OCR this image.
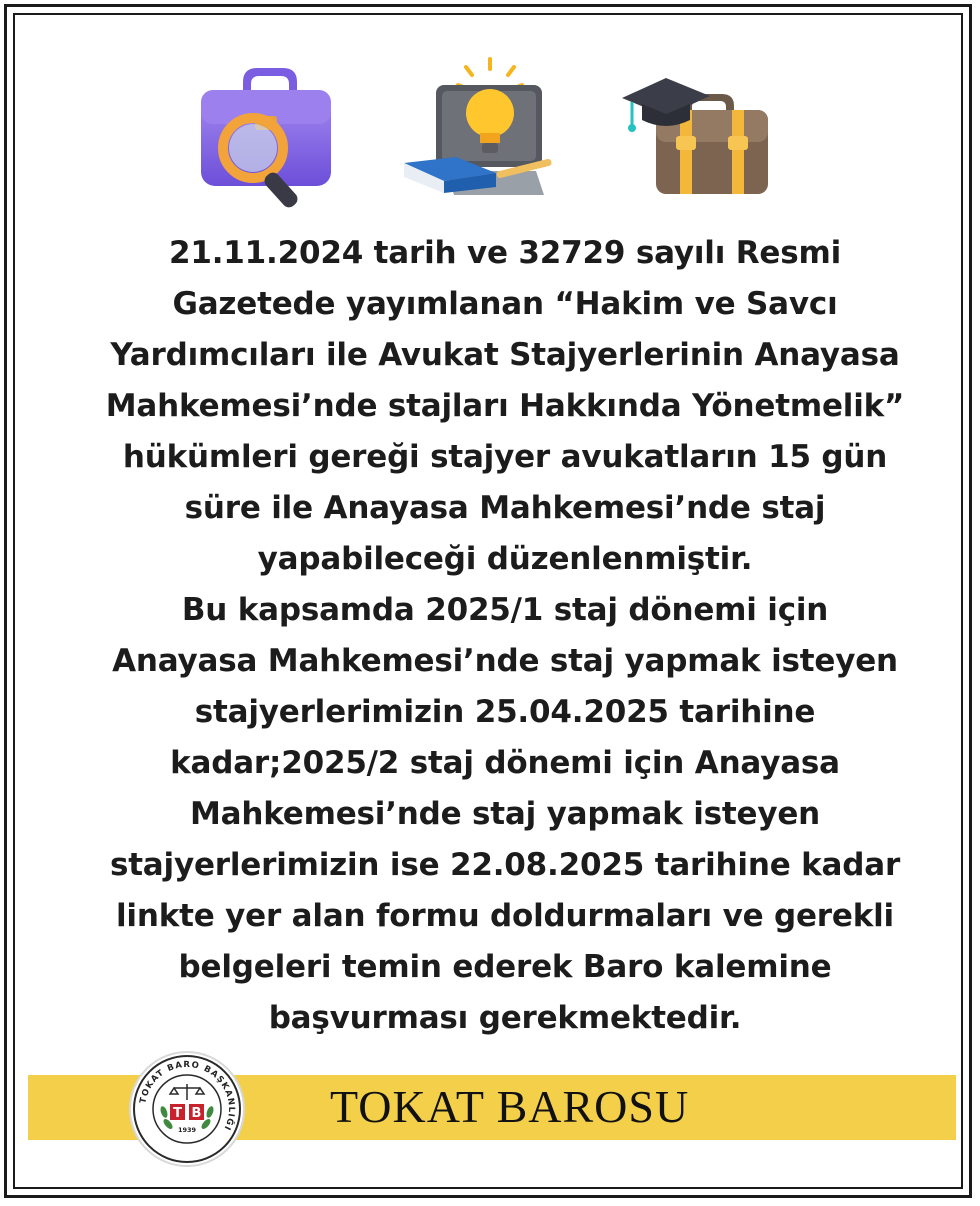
21.11.2024 tarih ve 32729 sayılı Resmi
Gazetede yayımlanan “Hakim ve Savcı
Yardımcıları ile Avukat Stajyerlerinin Anayasa
Mahkemesi’nde stajları Hakkında Yönetmelik”
hükümleri gereği stajyer avukatların 15 gün
süre ile Anayasa Mahkemesi’nde staj
yapabileceği düzenlenmiştir.
Bu kapsamda 2025/1 staj dönemi için
Anayasa Mahkemesi’nde staj yapmak isteyen
stajyerlerimizin 25.04.2025 tarihine
kadar;2025/2 staj dönemi için Anayasa
Mahkemesi’nde staj yapmak isteyen
stajyerlerimizin ise 22.08.2025 tarihine kadar
linkte yer alan formu doldurmaları ve gerekli
belgeleri temin ederek Baro kalemine
başvurması gerekmektedir.
TOKAT BAROSU
TOKAT BARO BAŞKANLIĞI
T B
1939
